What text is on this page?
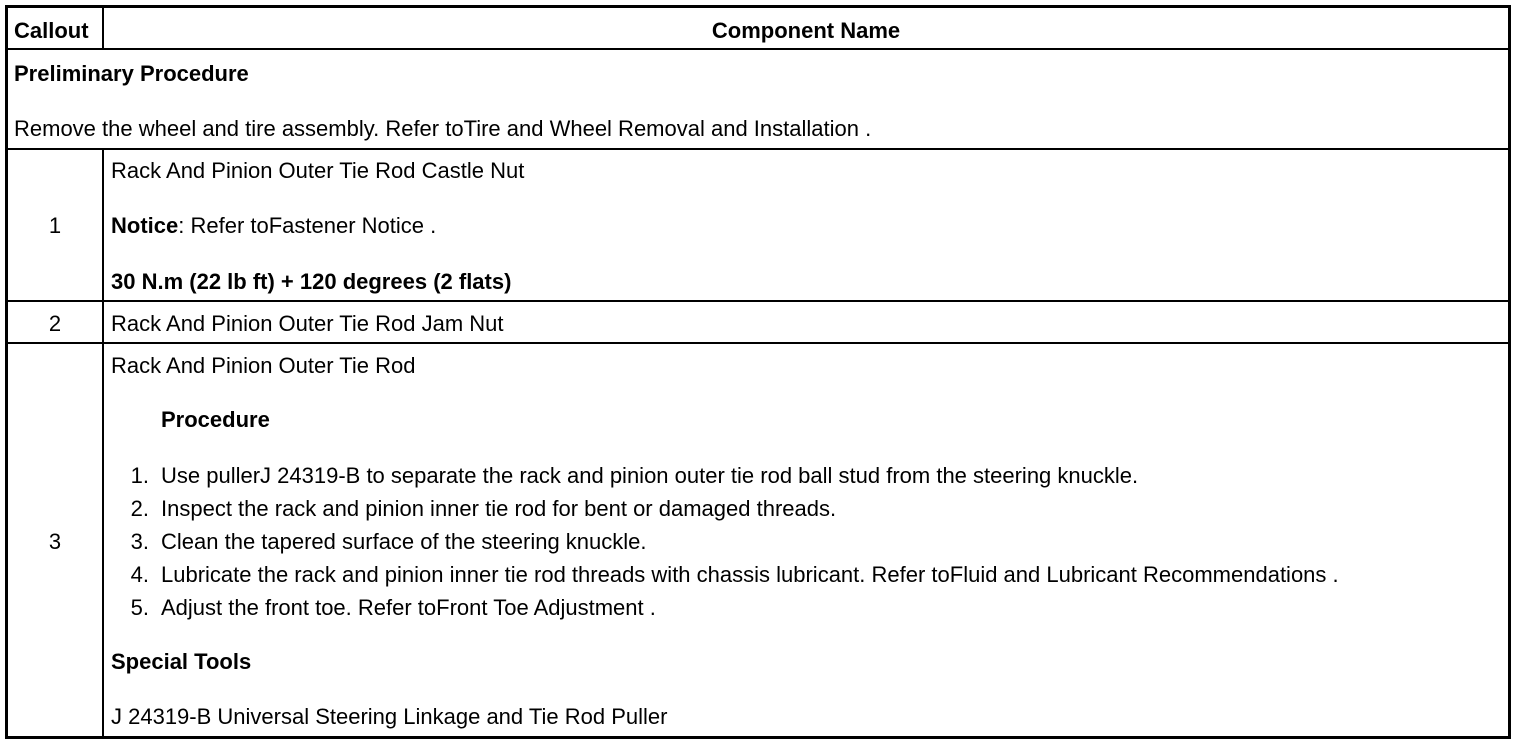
Callout	Component Name
Preliminary Procedure
Remove the wheel and tire assembly. Refer toTire and Wheel Removal and Installation .
1
Rack And Pinion Outer Tie Rod Castle Nut
Notice: Refer toFastener Notice .
30 N.m (22 lb ft) + 120 degrees (2 flats)
2	Rack And Pinion Outer Tie Rod Jam Nut
3
Rack And Pinion Outer Tie Rod
Procedure
1. Use pullerJ 24319-B to separate the rack and pinion outer tie rod ball stud from the steering knuckle.
2. Inspect the rack and pinion inner tie rod for bent or damaged threads.
3. Clean the tapered surface of the steering knuckle.
4. Lubricate the rack and pinion inner tie rod threads with chassis lubricant. Refer toFluid and Lubricant Recommendations .
5. Adjust the front toe. Refer toFront Toe Adjustment .
Special Tools
J 24319-B Universal Steering Linkage and Tie Rod Puller
